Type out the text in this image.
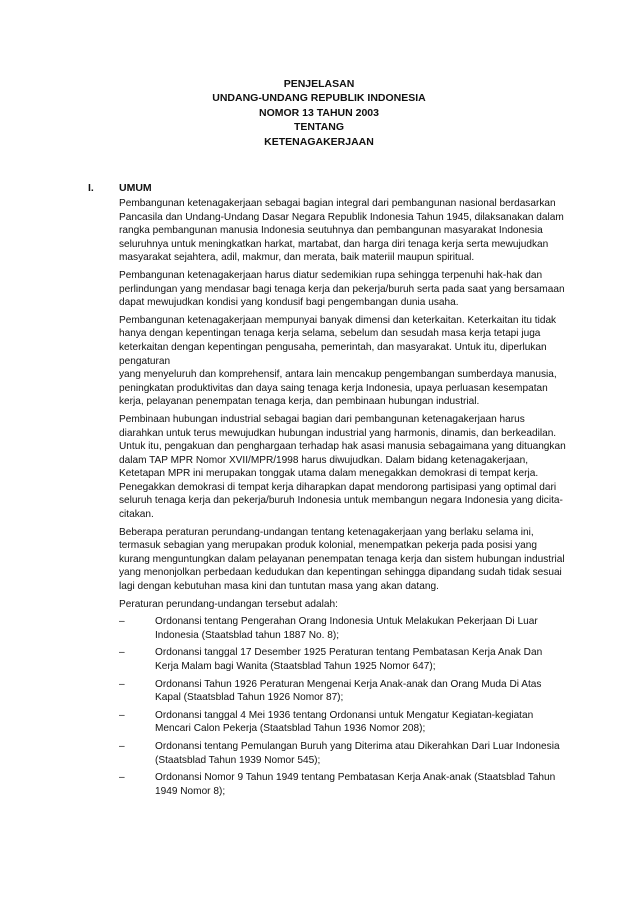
PENJELASAN
UNDANG-UNDANG REPUBLIK INDONESIA
NOMOR 13 TAHUN 2003
TENTANG
KETENAGAKERJAAN
I. UMUM

Pembangunan ketenagakerjaan sebagai bagian integral dari pembangunan nasional berdasarkan Pancasila dan Undang-Undang Dasar Negara Republik Indonesia Tahun 1945, dilaksanakan dalam rangka pembangunan manusia Indonesia seutuhnya dan pembangunan masyarakat Indonesia seluruhnya untuk meningkatkan harkat, martabat, dan harga diri tenaga kerja serta mewujudkan masyarakat sejahtera, adil, makmur, dan merata, baik materiil maupun spiritual.

Pembangunan ketenagakerjaan harus diatur sedemikian rupa sehingga terpenuhi hak-hak dan perlindungan yang mendasar bagi tenaga kerja dan pekerja/buruh serta pada saat yang bersamaan dapat mewujudkan kondisi yang kondusif bagi pengembangan dunia usaha.

Pembangunan ketenagakerjaan mempunyai banyak dimensi dan keterkaitan. Keterkaitan itu tidak hanya dengan kepentingan tenaga kerja selama, sebelum dan sesudah masa kerja tetapi juga keterkaitan dengan kepentingan pengusaha, pemerintah, dan masyarakat. Untuk itu, diperlukan pengaturan

yang menyeluruh dan komprehensif, antara lain mencakup pengembangan sumberdaya manusia, peningkatan produktivitas dan daya saing tenaga kerja Indonesia, upaya perluasan kesempatan kerja, pelayanan penempatan tenaga kerja, dan pembinaan hubungan industrial.

Pembinaan hubungan industrial sebagai bagian dari pembangunan ketenagakerjaan harus diarahkan untuk terus mewujudkan hubungan industrial yang harmonis, dinamis, dan berkeadilan. Untuk itu, pengakuan dan penghargaan terhadap hak asasi manusia sebagaimana yang dituangkan dalam TAP MPR Nomor XVII/MPR/1998 harus diwujudkan. Dalam bidang ketenagakerjaan, Ketetapan MPR ini merupakan tonggak utama dalam menegakkan demokrasi di tempat kerja. Penegakkan demokrasi di tempat kerja diharapkan dapat mendorong partisipasi yang optimal dari seluruh tenaga kerja dan pekerja/buruh Indonesia untuk membangun negara Indonesia yang dicita-citakan.

Beberapa peraturan perundang-undangan tentang ketenagakerjaan yang berlaku selama ini, termasuk sebagian yang merupakan produk kolonial, menempatkan pekerja pada posisi yang kurang menguntungkan dalam pelayanan penempatan tenaga kerja dan sistem hubungan industrial yang menonjolkan perbedaan kedudukan dan kepentingan sehingga dipandang sudah tidak sesuai lagi dengan kebutuhan masa kini dan tuntutan masa yang akan datang.

Peraturan perundang-undangan tersebut adalah:

–	Ordonansi tentang Pengerahan Orang Indonesia Untuk Melakukan Pekerjaan Di Luar Indonesia (Staatsblad tahun 1887 No. 8);
–	Ordonansi tanggal 17 Desember 1925 Peraturan tentang Pembatasan Kerja Anak Dan Kerja Malam bagi Wanita (Staatsblad Tahun 1925 Nomor 647);
–	Ordonansi Tahun 1926 Peraturan Mengenai Kerja Anak-anak dan Orang Muda Di Atas Kapal (Staatsblad Tahun 1926 Nomor 87);
–	Ordonansi tanggal 4 Mei 1936 tentang Ordonansi untuk Mengatur Kegiatan-kegiatan Mencari Calon Pekerja (Staatsblad Tahun 1936 Nomor 208);
–	Ordonansi tentang Pemulangan Buruh yang Diterima atau Dikerahkan Dari Luar Indonesia (Staatsblad Tahun 1939 Nomor 545);
–	Ordonansi Nomor 9 Tahun 1949 tentang Pembatasan Kerja Anak-anak (Staatsblad Tahun 1949 Nomor 8);
